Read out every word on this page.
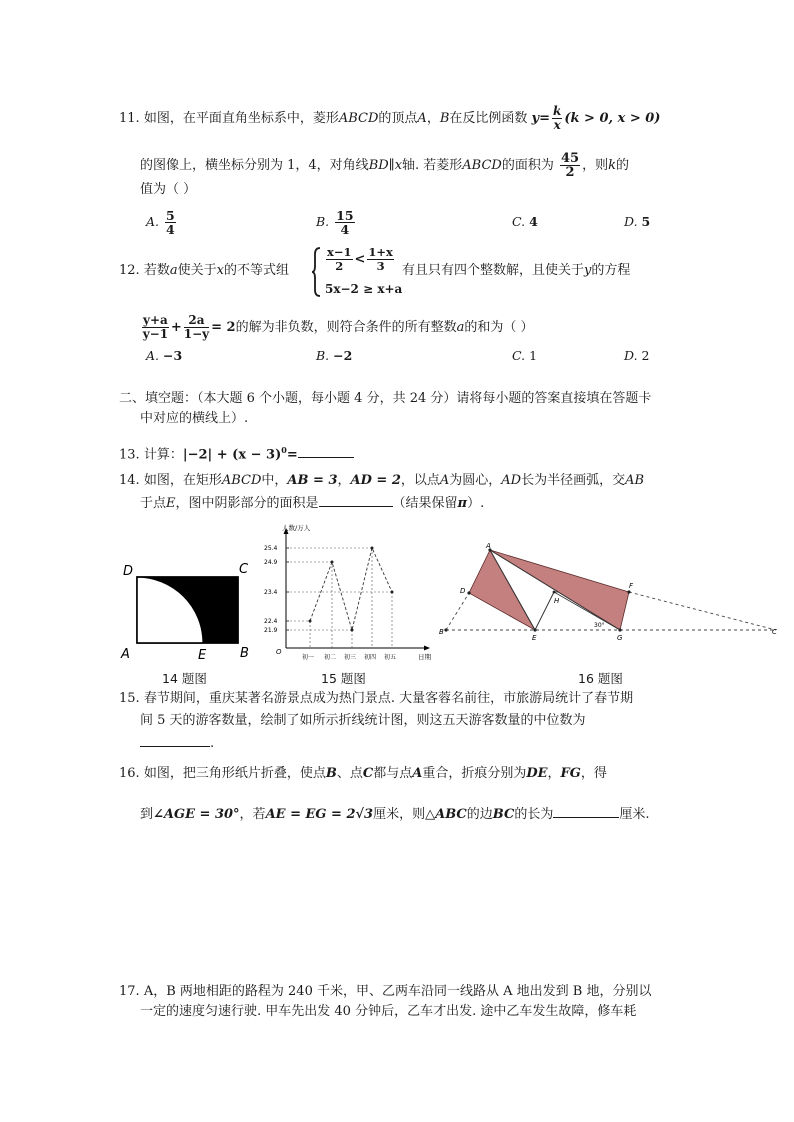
11. 如图，在平面直角坐标系中，菱形ABCD的顶点A，B在反比例函数 $y= \frac{k}{x} (k > 0$, x > 0)
的图像上，横坐标分别为 1，4，对角线BD∥x轴. 若菱形ABCD的面积为 $\frac{45}{2}$ ，则k的
值为（ ）
A. $\frac{5}{4}$	B. $\frac{15}{4}$	C. 4	D. 5
12. 若数a使关于x的不等式组	$\frac{x-1}{2} < \frac{1+x}{3}$
5x−2 ≥ x+a
有且只有四个整数解，且使关于y的方程
$\frac{y+a}{y-1} + \frac{2a}{1-y} = 2$的解为非负数，则符合条件的所有整数a的和为（ ）
A. −3	B. −2	C. 1	D. 2
二、填空题：（本大题 6 个小题，每小题 4 分，共 24 分）请将每小题的答案直接填在答题卡
中对应的横线上）.
13. 计算：$|-2| + (x - 3)^0=$
14. 如图，在矩形ABCD中，AB = 3，AD = 2，以点A为圆心，AD长为半径画弧，交AB
于点E，图中阴影部分的面积是	（结果保留π）.
D	C
A	E	B
14 题图
人数/万人
O
日期
25.4
24.9
23.4
22.4
21.9
初一 初二 初三 初四 初五
15 题图
A
D
H
F
B
E	G
30°
C
16 题图
15. 春节期间，重庆某著名游景点成为热门景点. 大量客蓉名前往，市旅游局统计了春节期
间 5 天的游客数量，绘制了如所示折线统计图，则这五天游客数量的中位数为
.
16. 如图，把三角形纸片折叠，使点B、点C都与点A重合，折痕分别为DE，FG，得
到∠AGE = 30°，若AE = EG = 2√3厘米，则△ABC的边BC的长为	厘米.
17. A，B 两地相距的路程为 240 千米，甲、乙两车沿同一线路从 A 地出发到 B 地，分别以
一定的速度匀速行驶. 甲车先出发 40 分钟后，乙车才出发. 途中乙车发生故障，修车耗
